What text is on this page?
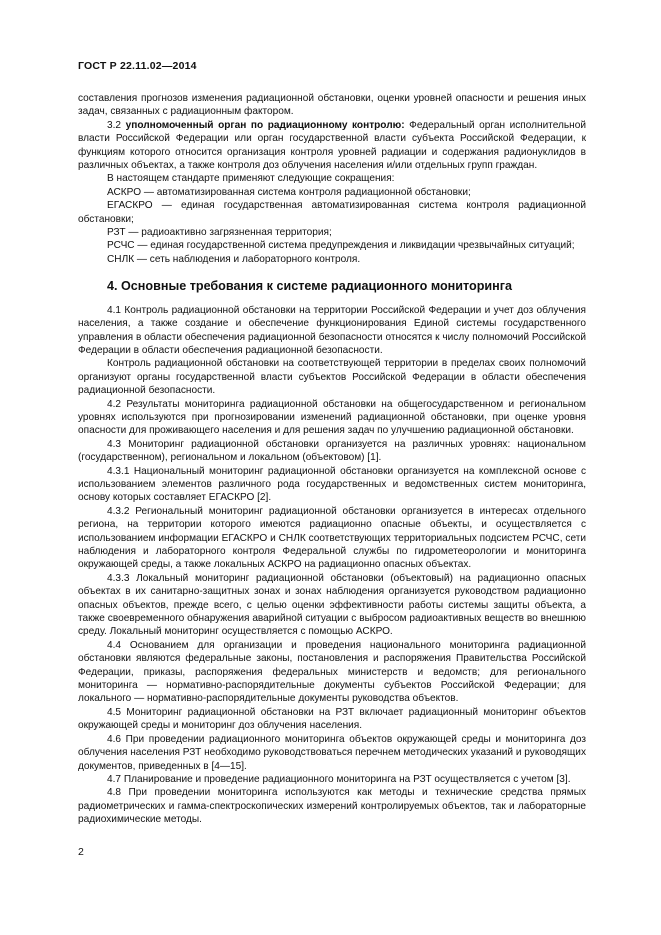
ГОСТ Р 22.11.02—2014

составления прогнозов изменения радиационной обстановки, оценки уровней опасности и решения иных задач, связанных с радиационным фактором.

3.2 уполномоченный орган по радиационному контролю: Федеральный орган исполнительной власти Российской Федерации или орган государственной власти субъекта Российской Федерации, к функциям которого относится организация контроля уровней радиации и содержания радионуклидов в различных объектах, а также контроля доз облучения населения и/или отдельных групп граждан.

В настоящем стандарте применяют следующие сокращения:

АСКРО — автоматизированная система контроля радиационной обстановки;

ЕГАСКРО — единая государственная автоматизированная система контроля радиационной обстановки;

РЗТ — радиоактивно загрязненная территория;

РСЧС — единая государственной система предупреждения и ликвидации чрезвычайных ситуаций;

СНЛК — сеть наблюдения и лабораторного контроля.

4. Основные требования к системе радиационного мониторинга

4.1 Контроль радиационной обстановки на территории Российской Федерации и учет доз облучения населения, а также создание и обеспечение функционирования Единой системы государственного управления в области обеспечения радиационной безопасности относятся к числу полномочий Российской Федерации в области обеспечения радиационной безопасности.

Контроль радиационной обстановки на соответствующей территории в пределах своих полномочий организуют органы государственной власти субъектов Российской Федерации в области обеспечения радиационной безопасности.

4.2 Результаты мониторинга радиационной обстановки на общегосударственном и региональном уровнях используются при прогнозировании изменений радиационной обстановки, при оценке уровня опасности для проживающего населения и для решения задач по улучшению радиационной обстановки.

4.3 Мониторинг радиационной обстановки организуется на различных уровнях: национальном (государственном), региональном и локальном (объектовом) [1].

4.3.1 Национальный мониторинг радиационной обстановки организуется на комплексной основе с использованием элементов различного рода государственных и ведомственных систем мониторинга, основу которых составляет ЕГАСКРО [2].

4.3.2 Региональный мониторинг радиационной обстановки организуется в интересах отдельного региона, на территории которого имеются радиационно опасные объекты, и осуществляется с использованием информации ЕГАСКРО и СНЛК соответствующих территориальных подсистем РСЧС, сети наблюдения и лабораторного контроля Федеральной службы по гидрометеорологии и мониторинга окружающей среды, а также локальных АСКРО на радиационно опасных объектах.

4.3.3 Локальный мониторинг радиационной обстановки (объектовый) на радиационно опасных объектах в их санитарно-защитных зонах и зонах наблюдения организуется руководством радиационно опасных объектов, прежде всего, с целью оценки эффективности работы системы защиты объекта, а также своевременного обнаружения аварийной ситуации с выбросом радиоактивных веществ во внешнюю среду. Локальный мониторинг осуществляется с помощью АСКРО.

4.4 Основанием для организации и проведения национального мониторинга радиационной обстановки являются федеральные законы, постановления и распоряжения Правительства Российской Федерации, приказы, распоряжения федеральных министерств и ведомств; для регионального мониторинга — нормативно-распорядительные документы субъектов Российской Федерации; для локального — нормативно-распорядительные документы руководства объектов.

4.5 Мониторинг радиационной обстановки на РЗТ включает радиационный мониторинг объектов окружающей среды и мониторинг доз облучения населения.

4.6 При проведении радиационного мониторинга объектов окружающей среды и мониторинга доз облучения населения РЗТ необходимо руководствоваться перечнем методических указаний и руководящих документов, приведенных в [4—15].

4.7 Планирование и проведение радиационного мониторинга на РЗТ осуществляется с учетом [3].

4.8 При проведении мониторинга используются как методы и технические средства прямых радиометрических и гамма-спектроскопических измерений контролируемых объектов, так и лабораторные радиохимические методы.

2
